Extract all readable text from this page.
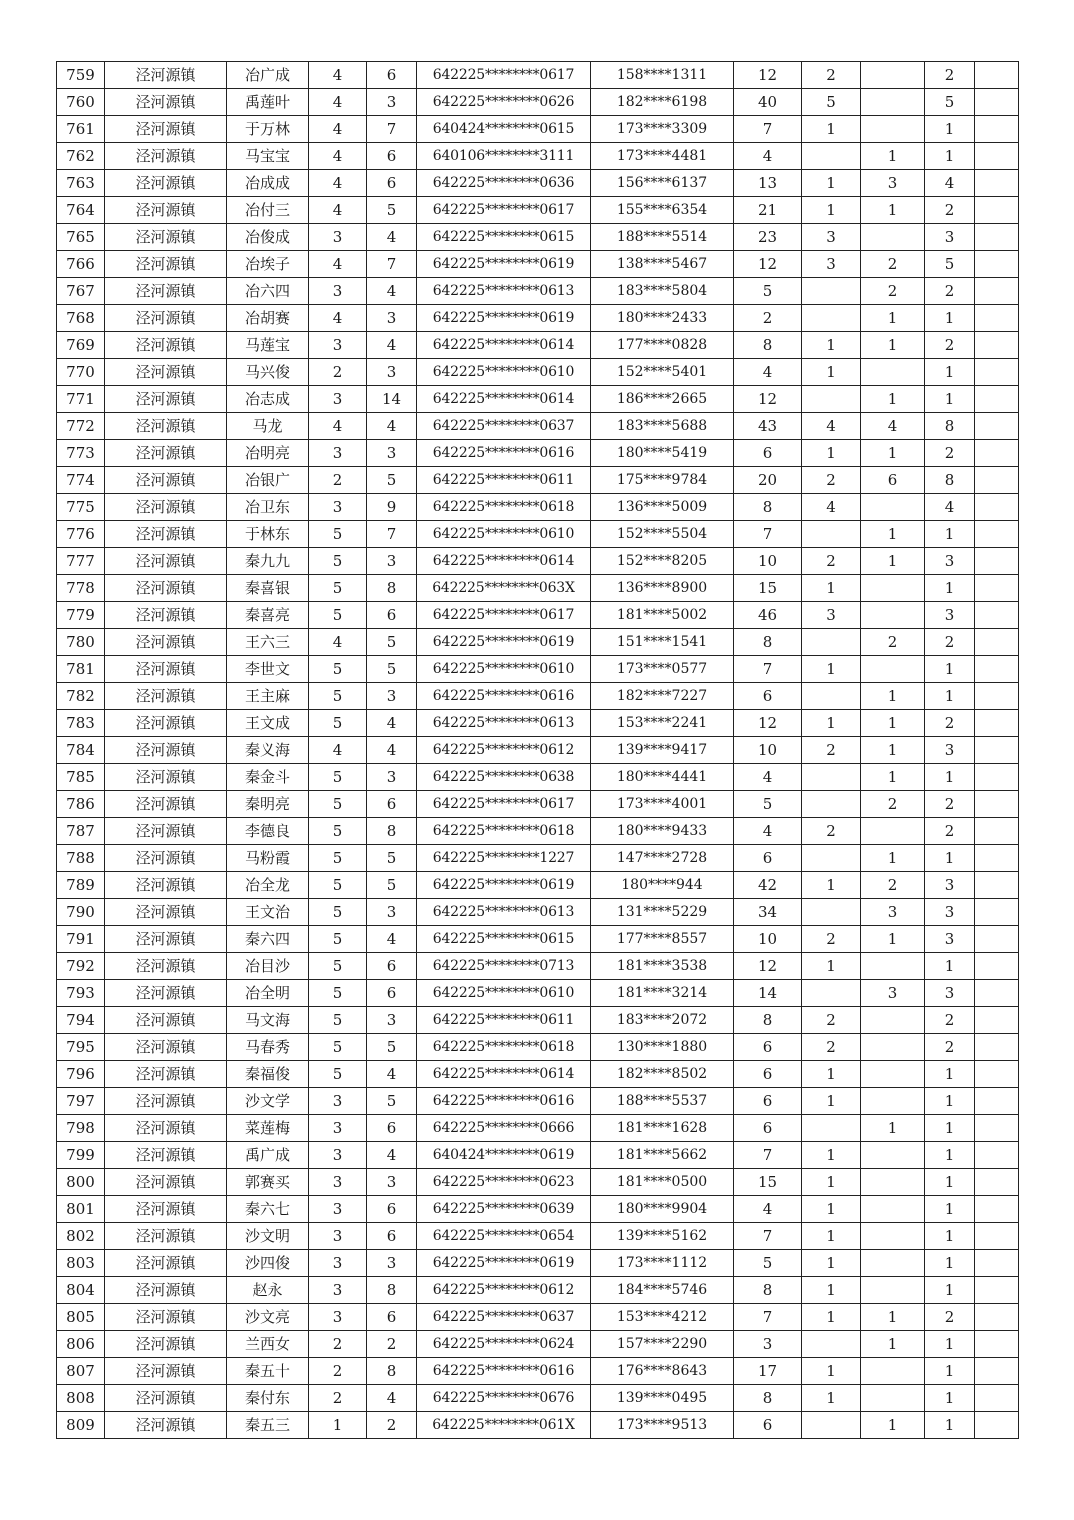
759	泾河源镇	冶广成	4	6	642225********0617	158****1311	12	2		2	
760	泾河源镇	禹莲叶	4	3	642225********0626	182****6198	40	5		5	
761	泾河源镇	于万林	4	7	640424********0615	173****3309	7	1		1	
762	泾河源镇	马宝宝	4	6	640106********3111	173****4481	4		1	1	
763	泾河源镇	冶成成	4	6	642225********0636	156****6137	13	1	3	4	
764	泾河源镇	冶付三	4	5	642225********0617	155****6354	21	1	1	2	
765	泾河源镇	冶俊成	3	4	642225********0615	188****5514	23	3		3	
766	泾河源镇	冶埃子	4	7	642225********0619	138****5467	12	3	2	5	
767	泾河源镇	冶六四	3	4	642225********0613	183****5804	5		2	2	
768	泾河源镇	冶胡赛	4	3	642225********0619	180****2433	2		1	1	
769	泾河源镇	马莲宝	3	4	642225********0614	177****0828	8	1	1	2	
770	泾河源镇	马兴俊	2	3	642225********0610	152****5401	4	1		1	
771	泾河源镇	冶志成	3	14	642225********0614	186****2665	12		1	1	
772	泾河源镇	马龙	4	4	642225********0637	183****5688	43	4	4	8	
773	泾河源镇	冶明亮	3	3	642225********0616	180****5419	6	1	1	2	
774	泾河源镇	冶银广	2	5	642225********0611	175****9784	20	2	6	8	
775	泾河源镇	冶卫东	3	9	642225********0618	136****5009	8	4		4	
776	泾河源镇	于林东	5	7	642225********0610	152****5504	7		1	1	
777	泾河源镇	秦九九	5	3	642225********0614	152****8205	10	2	1	3	
778	泾河源镇	秦喜银	5	8	642225********063X	136****8900	15	1		1	
779	泾河源镇	秦喜亮	5	6	642225********0617	181****5002	46	3		3	
780	泾河源镇	王六三	4	5	642225********0619	151****1541	8		2	2	
781	泾河源镇	李世文	5	5	642225********0610	173****0577	7	1		1	
782	泾河源镇	王主麻	5	3	642225********0616	182****7227	6		1	1	
783	泾河源镇	王文成	5	4	642225********0613	153****2241	12	1	1	2	
784	泾河源镇	秦义海	4	4	642225********0612	139****9417	10	2	1	3	
785	泾河源镇	秦金斗	5	3	642225********0638	180****4441	4		1	1	
786	泾河源镇	秦明亮	5	6	642225********0617	173****4001	5		2	2	
787	泾河源镇	李德良	5	8	642225********0618	180****9433	4	2		2	
788	泾河源镇	马粉霞	5	5	642225********1227	147****2728	6		1	1	
789	泾河源镇	冶全龙	5	5	642225********0619	180****944	42	1	2	3	
790	泾河源镇	王文治	5	3	642225********0613	131****5229	34		3	3	
791	泾河源镇	秦六四	5	4	642225********0615	177****8557	10	2	1	3	
792	泾河源镇	冶目沙	5	6	642225********0713	181****3538	12	1		1	
793	泾河源镇	冶全明	5	6	642225********0610	181****3214	14		3	3	
794	泾河源镇	马文海	5	3	642225********0611	183****2072	8	2		2	
795	泾河源镇	马春秀	5	5	642225********0618	130****1880	6	2		2	
796	泾河源镇	秦福俊	5	4	642225********0614	182****8502	6	1		1	
797	泾河源镇	沙文学	3	5	642225********0616	188****5537	6	1		1	
798	泾河源镇	菜莲梅	3	6	642225********0666	181****1628	6		1	1	
799	泾河源镇	禹广成	3	4	640424********0619	181****5662	7	1		1	
800	泾河源镇	郭赛买	3	3	642225********0623	181****0500	15	1		1	
801	泾河源镇	秦六七	3	6	642225********0639	180****9904	4	1		1	
802	泾河源镇	沙文明	3	6	642225********0654	139****5162	7	1		1	
803	泾河源镇	沙四俊	3	3	642225********0619	173****1112	5	1		1	
804	泾河源镇	赵永	3	8	642225********0612	184****5746	8	1		1	
805	泾河源镇	沙文亮	3	6	642225********0637	153****4212	7	1	1	2	
806	泾河源镇	兰西女	2	2	642225********0624	157****2290	3		1	1	
807	泾河源镇	秦五十	2	8	642225********0616	176****8643	17	1		1	
808	泾河源镇	秦付东	2	4	642225********0676	139****0495	8	1		1	
809	泾河源镇	秦五三	1	2	642225********061X	173****9513	6		1	1	
